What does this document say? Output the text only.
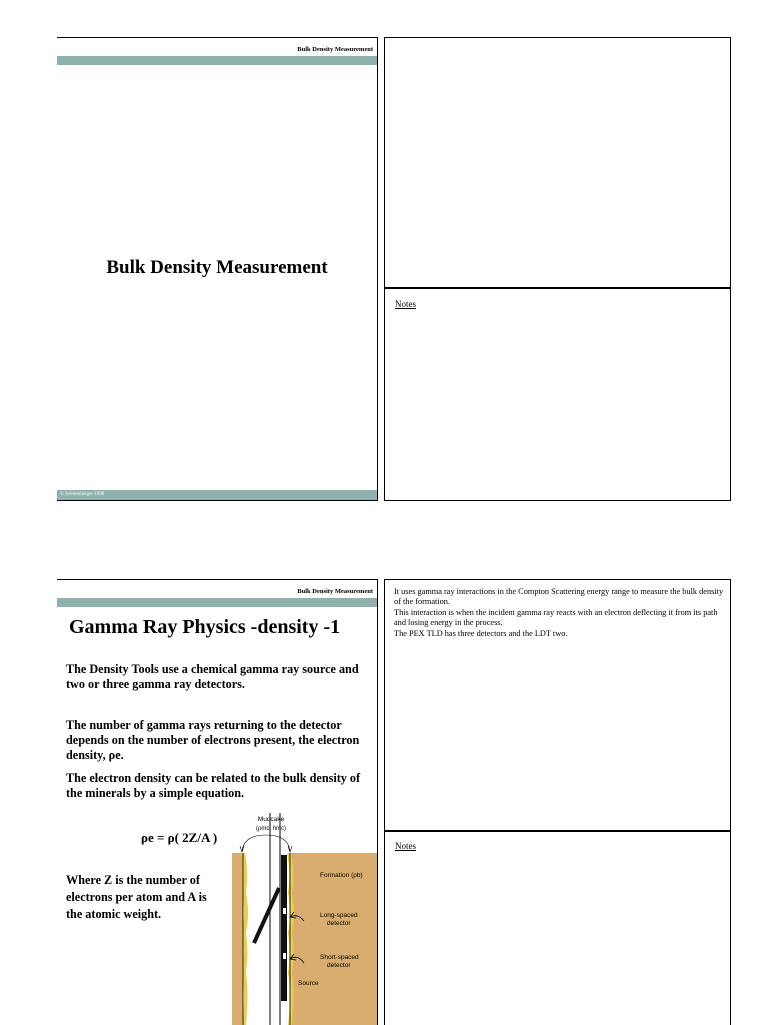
Bulk Density Measurement
Bulk Density Measurement
© Schlumberger 1999
Notes
Bulk Density Measurement
Gamma Ray Physics -density -1
The Density Tools use a chemical gamma ray source and two or three gamma ray detectors.
The number of gamma rays returning to the detector depends on the number of electrons present, the electron density, ρe.
The electron density can be related to the bulk density of the minerals by a simple equation.
ρe = ρ( 2Z/A )
Where Z is the number of electrons per atom and A is the atomic weight.
Mudcake
(ρmc, hmc)
Formation (ρb)
Long-spaced
detector
Short-spaced
detector
Source

It uses gamma ray interactions in the Compton Scattering energy range to measure the bulk density of the formation.

This interaction is when the incident gamma ray reacts with an electron deflecting it from its path and losing energy in the process.

The PEX TLD has three detectors and the LDT two.

Notes
